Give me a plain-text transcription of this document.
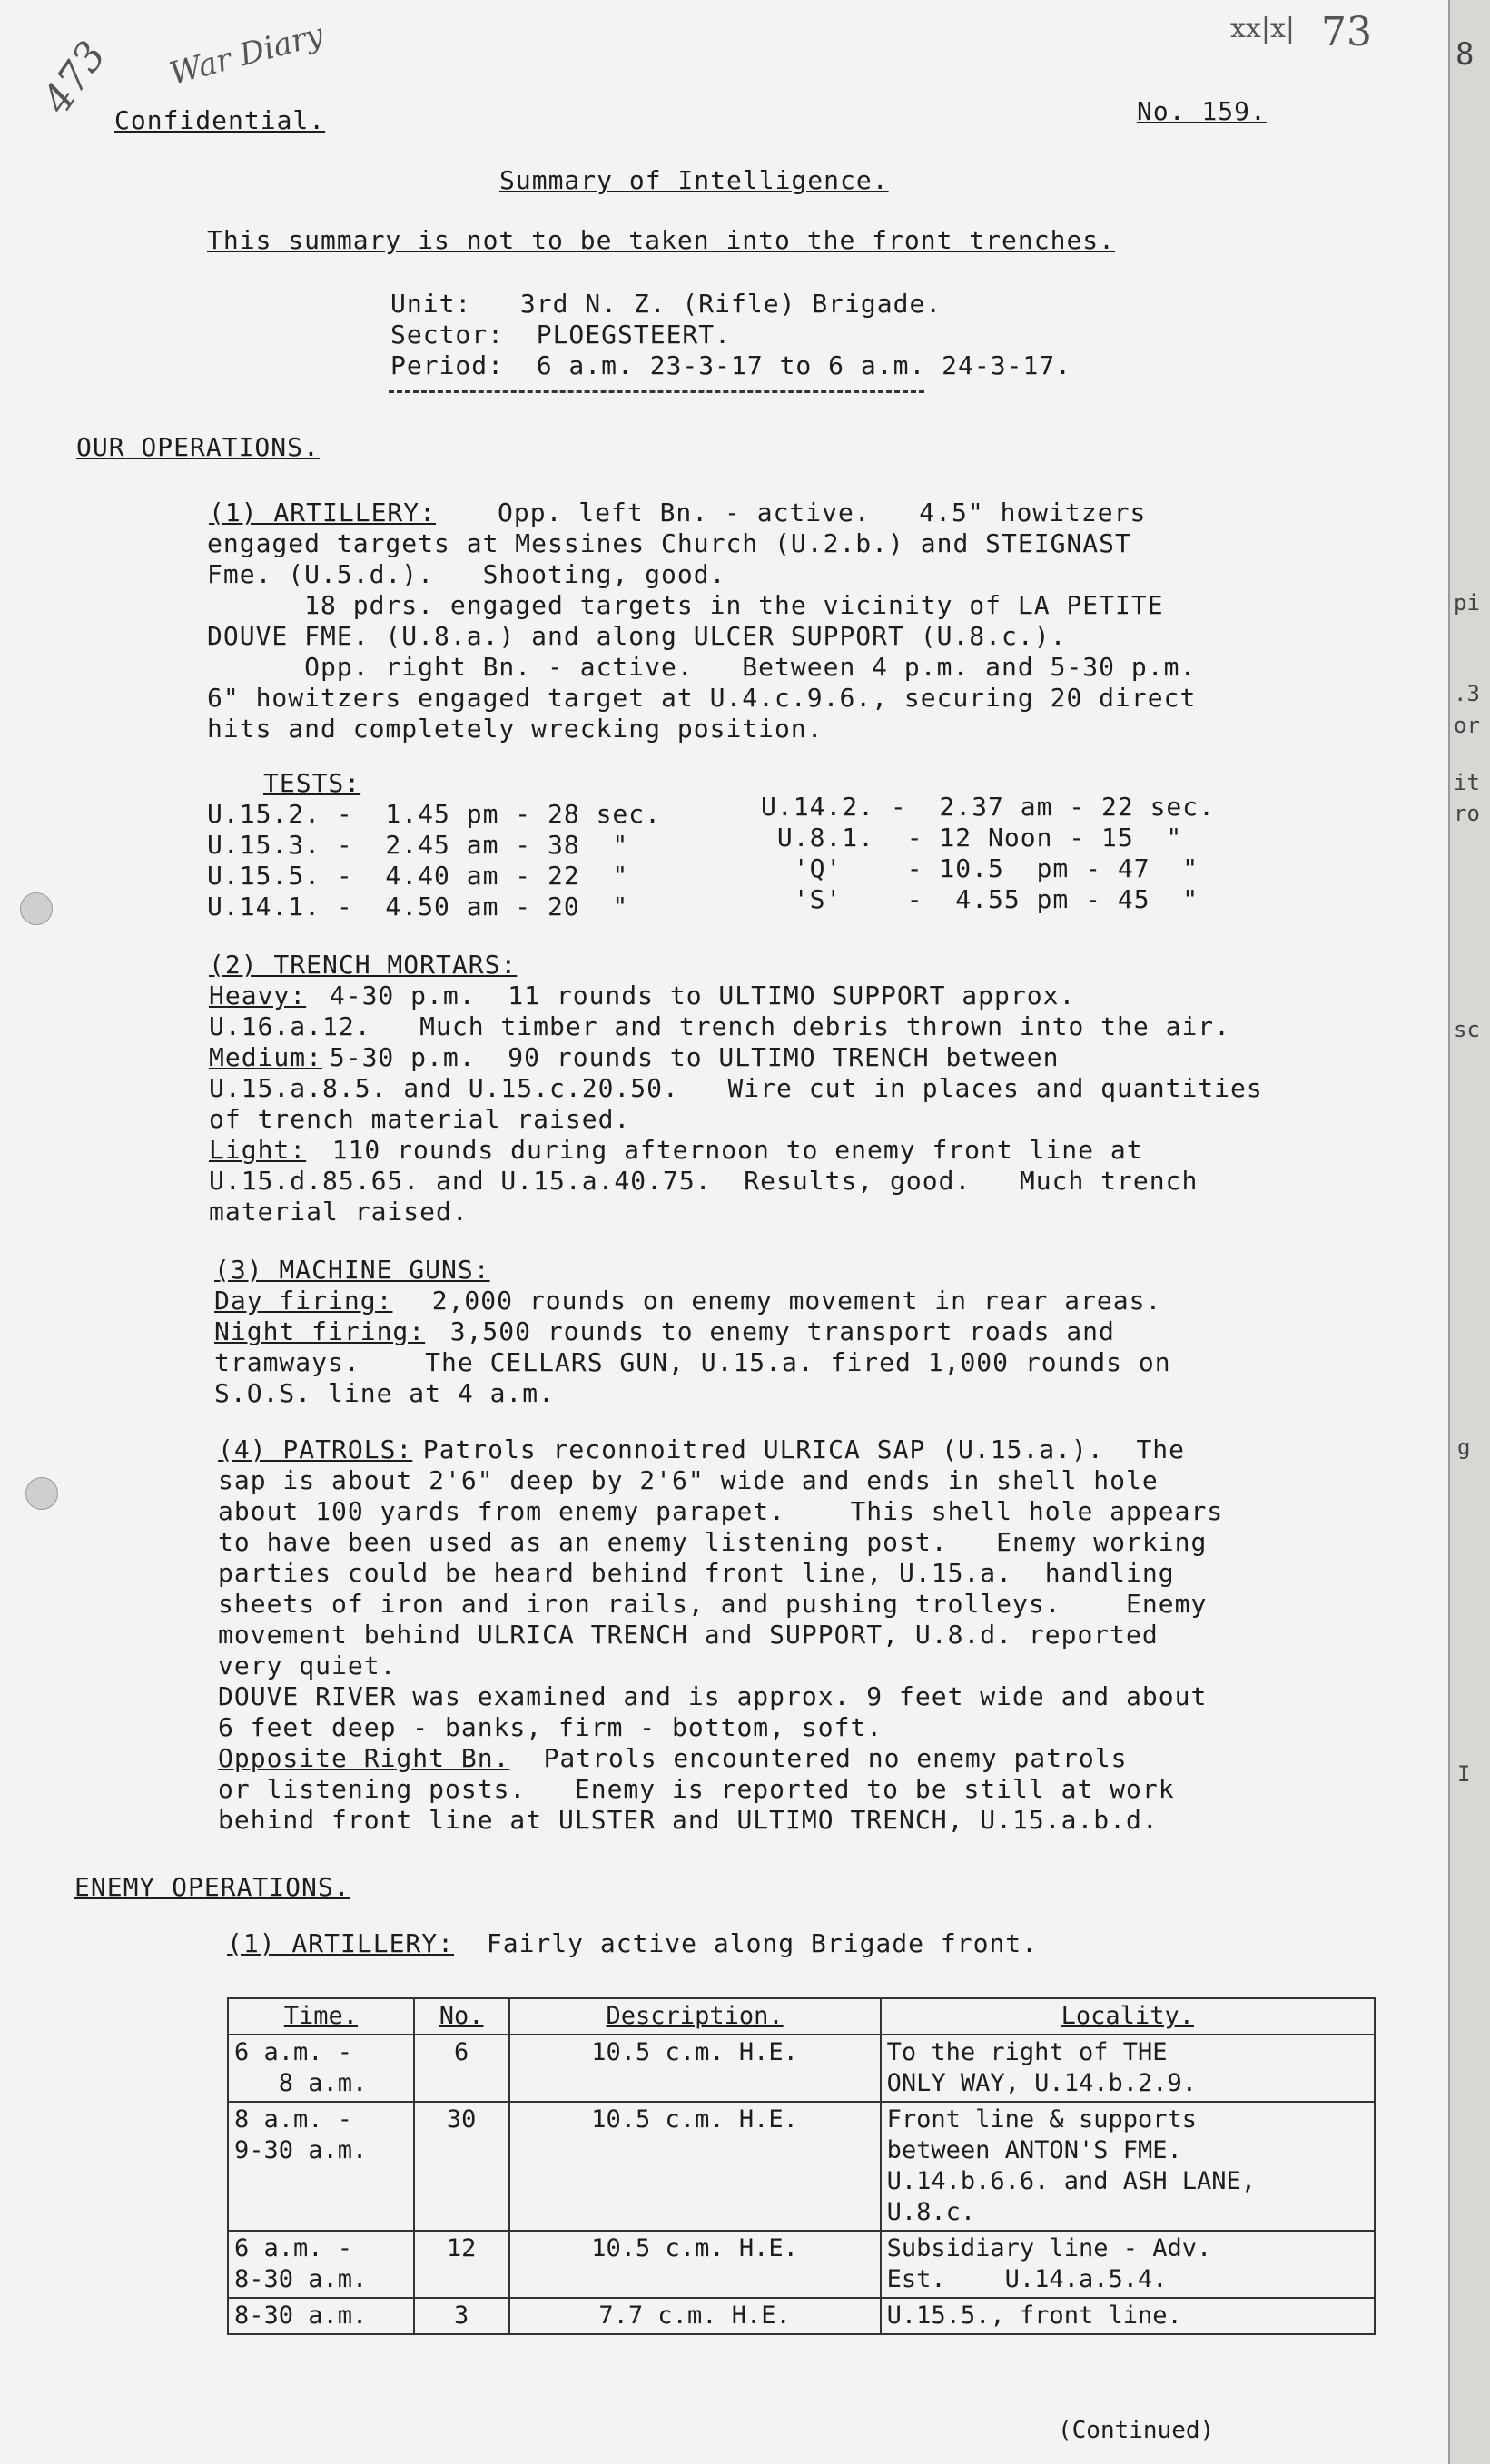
8
pi
.3
or
it
ro
sc
g
I
473 War Diary	xx|x| 73
Confidential.	No. 159.
Summary of Intelligence.
This summary is not to be taken into the front trenches.
Unit:   3rd N. Z. (Rifle) Brigade.
Sector:  PLOEGSTEERT.
Period:  6 a.m. 23-3-17 to 6 a.m. 24-3-17.
OUR OPERATIONS.
(1) ARTILLERY: Opp. left Bn. - active.   4.5" howitzers
engaged targets at Messines Church (U.2.b.) and STEIGNAST
Fme. (U.5.d.).   Shooting, good.
18 pdrs. engaged targets in the vicinity of LA PETITE
DOUVE FME. (U.8.a.) and along ULCER SUPPORT (U.8.c.).
Opp. right Bn. - active.   Between 4 p.m. and 5-30 p.m.
6" howitzers engaged target at U.4.c.9.6., securing 20 direct
hits and completely wrecking position.
TESTS:
U.15.2. -  1.45 pm - 28 sec.
U.15.3. -  2.45 am - 38  "
U.15.5. -  4.40 am - 22  "
U.14.1. -  4.50 am - 20  "
U.14.2. -  2.37 am - 22 sec.
U.8.1.  - 12 Noon - 15  "
'Q'    - 10.5  pm - 47  "
'S'    -  4.55 pm - 45  "
(2) TRENCH MORTARS:
Heavy: 4-30 p.m.  11 rounds to ULTIMO SUPPORT approx.
U.16.a.12.   Much timber and trench debris thrown into the air.
Medium:
5-30 p.m.  90 rounds to ULTIMO TRENCH between
U.15.a.8.5. and U.15.c.20.50.   Wire cut in places and quantities
of trench material raised.
Light:
110 rounds during afternoon to enemy front line at
U.15.d.85.65. and U.15.a.40.75.  Results, good.   Much trench
material raised.
(3) MACHINE GUNS:
Day firing: 2,000 rounds on enemy movement in rear areas.
Night firing:
3,500 rounds to enemy transport roads and
tramways.    The CELLARS GUN, U.15.a. fired 1,000 rounds on
S.O.S. line at 4 a.m.
(4) PATROLS:
Patrols reconnoitred ULRICA SAP (U.15.a.).  The
sap is about 2'6" deep by 2'6" wide and ends in shell hole
about 100 yards from enemy parapet.    This shell hole appears
to have been used as an enemy listening post.   Enemy working
parties could be heard behind front line, U.15.a.  handling
sheets of iron and iron rails, and pushing trolleys.    Enemy
movement behind ULRICA TRENCH and SUPPORT, U.8.d. reported
very quiet.
DOUVE RIVER was examined and is approx. 9 feet wide and about
6 feet deep - banks, firm - bottom, soft.
Opposite Right Bn.
Patrols encountered no enemy patrols
or listening posts.   Enemy is reported to be still at work
behind front line at ULSTER and ULTIMO TRENCH, U.15.a.b.d.
ENEMY OPERATIONS.
(1) ARTILLERY: Fairly active along Brigade front.
Time.	No.	Description.	Locality.

6 a.m. -
8 a.m.	6	10.5 c.m. H.E.	To the right of THE
ONLY WAY, U.14.b.2.9.

8 a.m. -
9-30 a.m.	30	10.5 c.m. H.E.	Front line & supports
between ANTON'S FME.
U.14.b.6.6. and ASH LANE,
U.8.c.

6 a.m. -
8-30 a.m.	12	10.5 c.m. H.E.	Subsidiary line - Adv.
Est.    U.14.a.5.4.

8-30 a.m.	3	7.7 c.m. H.E.	U.15.5., front line.
(Continued)
